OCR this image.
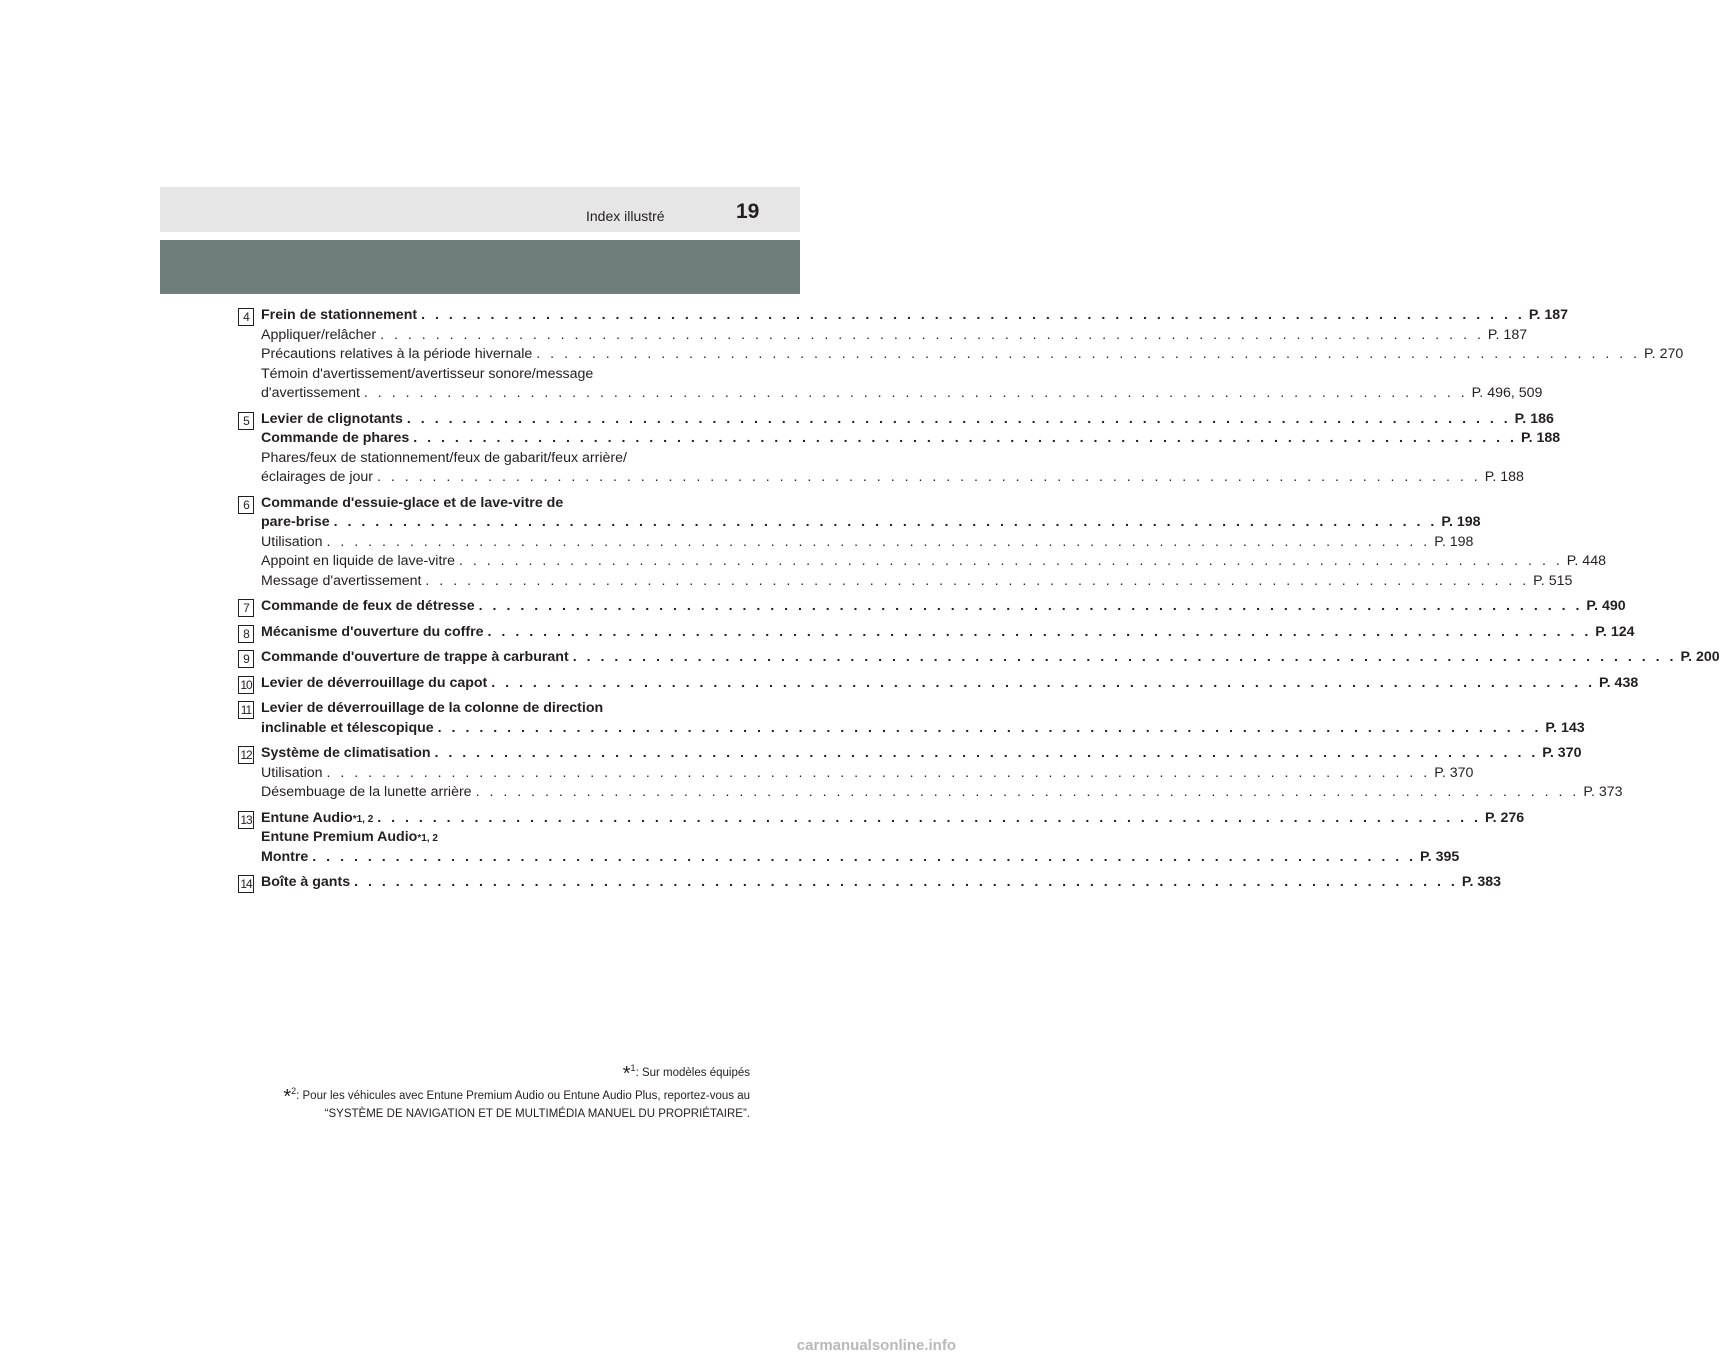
Index illustré	19
4 Frein de stationnement . . . . . . . . . . . . . . . . . . . . . . . . . . . . . . . . . . . . . . . . . . . . . . . . . . . . . . . . . . . . . . . . . . . . . . . . . . . . . . . . P. 187
Appliquer/relâcher . . . . . . . . . . . . . . . . . . . . . . . . . . . . . . . . . . . . . . . . . . . . . . . . . . . . . . . . . . . . . . . . . . . . . . . . . . . . . . . . P. 187
Précautions relatives à la période hivernale . . . . . . . . . . . . . . . . . . . . . . . . . . . . . . . . . . . . . . . . . . . . . . . . . . . . . . . . . . . . . . . . . . . . . . . . . . . . . . . . P. 270
Témoin d'avertissement/avertisseur sonore/message
d'avertissement . . . . . . . . . . . . . . . . . . . . . . . . . . . . . . . . . . . . . . . . . . . . . . . . . . . . . . . . . . . . . . . . . . . . . . . . . . . . . . . . P. 496, 509
5 Levier de clignotants . . . . . . . . . . . . . . . . . . . . . . . . . . . . . . . . . . . . . . . . . . . . . . . . . . . . . . . . . . . . . . . . . . . . . . . . . . . . . . . . P. 186
Commande de phares . . . . . . . . . . . . . . . . . . . . . . . . . . . . . . . . . . . . . . . . . . . . . . . . . . . . . . . . . . . . . . . . . . . . . . . . . . . . . . . . P. 188
Phares/feux de stationnement/feux de gabarit/feux arrière/
éclairages de jour . . . . . . . . . . . . . . . . . . . . . . . . . . . . . . . . . . . . . . . . . . . . . . . . . . . . . . . . . . . . . . . . . . . . . . . . . . . . . . . . P. 188
6 Commande d'essuie-glace et de lave-vitre de
pare-brise . . . . . . . . . . . . . . . . . . . . . . . . . . . . . . . . . . . . . . . . . . . . . . . . . . . . . . . . . . . . . . . . . . . . . . . . . . . . . . . . P. 198
Utilisation . . . . . . . . . . . . . . . . . . . . . . . . . . . . . . . . . . . . . . . . . . . . . . . . . . . . . . . . . . . . . . . . . . . . . . . . . . . . . . . . P. 198
Appoint en liquide de lave-vitre . . . . . . . . . . . . . . . . . . . . . . . . . . . . . . . . . . . . . . . . . . . . . . . . . . . . . . . . . . . . . . . . . . . . . . . . . . . . . . . . P. 448
Message d'avertissement . . . . . . . . . . . . . . . . . . . . . . . . . . . . . . . . . . . . . . . . . . . . . . . . . . . . . . . . . . . . . . . . . . . . . . . . . . . . . . . . P. 515
7 Commande de feux de détresse . . . . . . . . . . . . . . . . . . . . . . . . . . . . . . . . . . . . . . . . . . . . . . . . . . . . . . . . . . . . . . . . . . . . . . . . . . . . . . . . P. 490
8 Mécanisme d'ouverture du coffre . . . . . . . . . . . . . . . . . . . . . . . . . . . . . . . . . . . . . . . . . . . . . . . . . . . . . . . . . . . . . . . . . . . . . . . . . . . . . . . . P. 124
9 Commande d'ouverture de trappe à carburant . . . . . . . . . . . . . . . . . . . . . . . . . . . . . . . . . . . . . . . . . . . . . . . . . . . . . . . . . . . . . . . . . . . . . . . . . . . . . . . . P. 200
10 Levier de déverrouillage du capot . . . . . . . . . . . . . . . . . . . . . . . . . . . . . . . . . . . . . . . . . . . . . . . . . . . . . . . . . . . . . . . . . . . . . . . . . . . . . . . . P. 438
11 Levier de déverrouillage de la colonne de direction
inclinable et télescopique . . . . . . . . . . . . . . . . . . . . . . . . . . . . . . . . . . . . . . . . . . . . . . . . . . . . . . . . . . . . . . . . . . . . . . . . . . . . . . . . P. 143
12 Système de climatisation . . . . . . . . . . . . . . . . . . . . . . . . . . . . . . . . . . . . . . . . . . . . . . . . . . . . . . . . . . . . . . . . . . . . . . . . . . . . . . . . P. 370
Utilisation . . . . . . . . . . . . . . . . . . . . . . . . . . . . . . . . . . . . . . . . . . . . . . . . . . . . . . . . . . . . . . . . . . . . . . . . . . . . . . . . P. 370
Désembuage de la lunette arrière . . . . . . . . . . . . . . . . . . . . . . . . . . . . . . . . . . . . . . . . . . . . . . . . . . . . . . . . . . . . . . . . . . . . . . . . . . . . . . . . P. 373
13 Entune Audio *1, 2 . . . . . . . . . . . . . . . . . . . . . . . . . . . . . . . . . . . . . . . . . . . . . . . . . . . . . . . . . . . . . . . . . . . . . . . . . . . . . . . . P. 276
Entune Premium Audio *1, 2
Montre . . . . . . . . . . . . . . . . . . . . . . . . . . . . . . . . . . . . . . . . . . . . . . . . . . . . . . . . . . . . . . . . . . . . . . . . . . . . . . . . P. 395
14 Boîte à gants . . . . . . . . . . . . . . . . . . . . . . . . . . . . . . . . . . . . . . . . . . . . . . . . . . . . . . . . . . . . . . . . . . . . . . . . . . . . . . . . P. 383
*$^1$: Sur modèles équipés
*$^2$: Pour les véhicules avec Entune Premium Audio ou Entune Audio Plus, reportez-vous au
“SYSTÈME DE NAVIGATION ET DE MULTIMÉDIA MANUEL DU PROPRIÉTAIRE”.
carmanualsonline.info
